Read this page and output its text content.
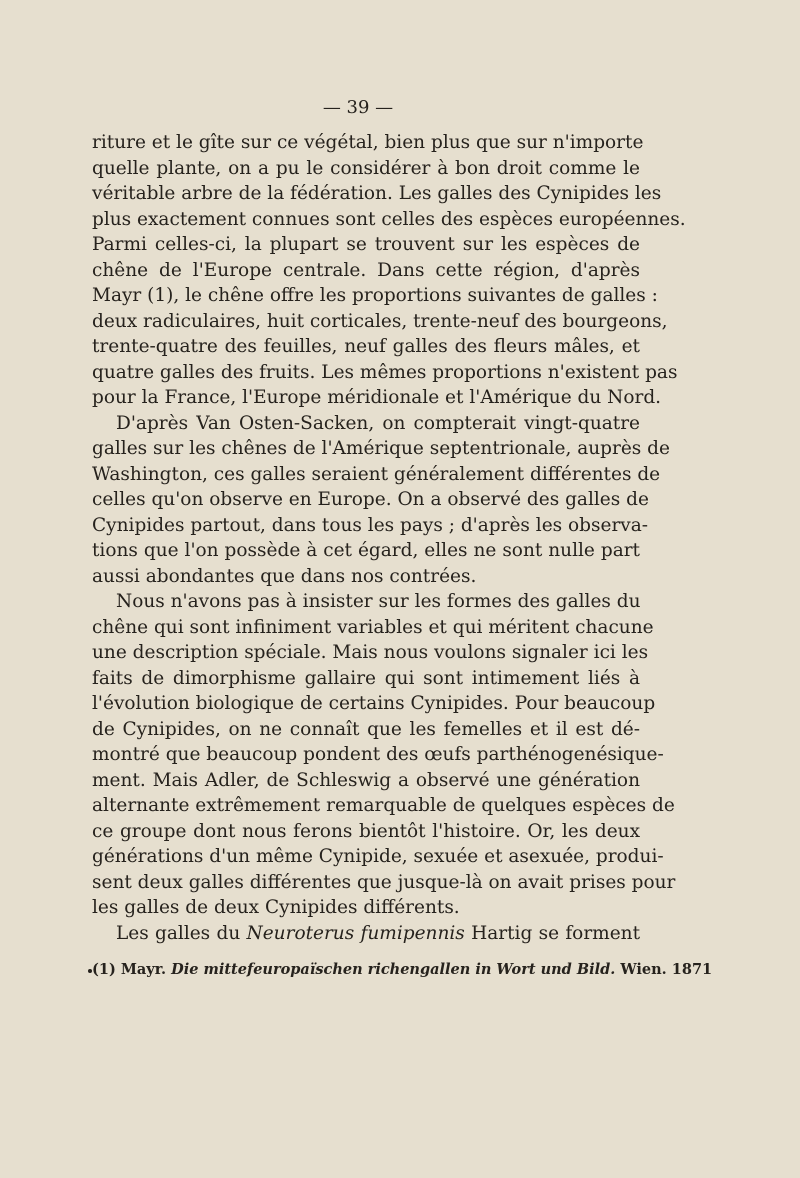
— 39 —
riture et le gîte sur ce végétal, bien plus que sur n'importe
quelle plante, on a pu le considérer à bon droit comme le
véritable arbre de la fédération. Les galles des Cynipides les
plus exactement connues sont celles des espèces européennes.
Parmi celles-ci, la plupart se trouvent sur les espèces de
chêne de l'Europe centrale. Dans cette région, d'après
Mayr (1), le chêne offre les proportions suivantes de galles :
deux radiculaires, huit corticales, trente-neuf des bourgeons,
trente-quatre des feuilles, neuf galles des fleurs mâles, et
quatre galles des fruits. Les mêmes proportions n'existent pas
pour la France, l'Europe méridionale et l'Amérique du Nord.
D'après Van Osten-Sacken, on compterait vingt-quatre
galles sur les chênes de l'Amérique septentrionale, auprès de
Washington, ces galles seraient généralement différentes de
celles qu'on observe en Europe. On a observé des galles de
Cynipides partout, dans tous les pays ; d'après les observa-
tions que l'on possède à cet égard, elles ne sont nulle part
aussi abondantes que dans nos contrées.
Nous n'avons pas à insister sur les formes des galles du
chêne qui sont infiniment variables et qui méritent chacune
une description spéciale. Mais nous voulons signaler ici les
faits de dimorphisme gallaire qui sont intimement liés à
l'évolution biologique de certains Cynipides. Pour beaucoup
de Cynipides, on ne connaît que les femelles et il est dé-
montré que beaucoup pondent des œufs parthénogenésique-
ment. Mais Adler, de Schleswig a observé une génération
alternante extrêmement remarquable de quelques espèces de
ce groupe dont nous ferons bientôt l'histoire. Or, les deux
générations d'un même Cynipide, sexuée et asexuée, produi-
sent deux galles différentes que jusque-là on avait prises pour
les galles de deux Cynipides différents.
Les galles du Neuroterus fumipennis Hartig se forment
(1) Mayr. Die mittefeuropaïschen richengallen in Wort und Bild. Wien. 1871
